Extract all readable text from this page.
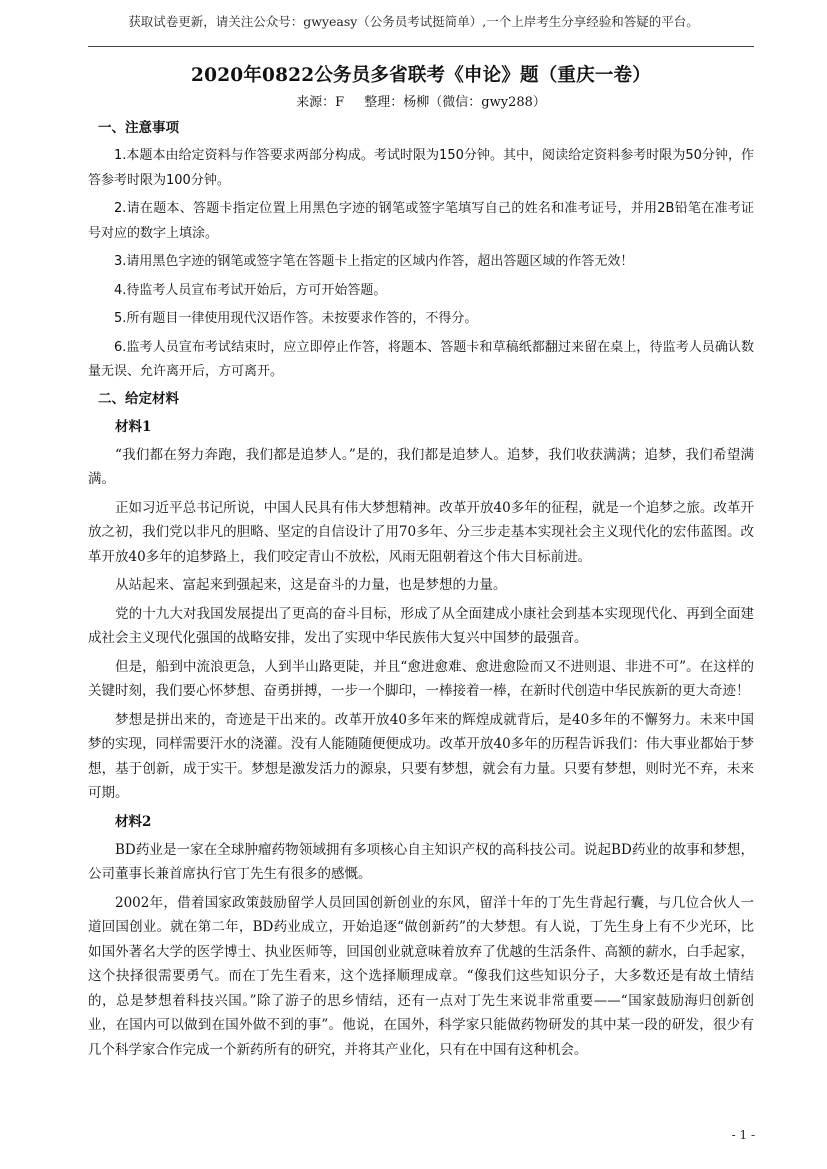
获取试卷更新，请关注公众号：gwyeasy（公务员考试挺简单）,一个上岸考生分享经验和答疑的平台。
2020年0822公务员多省联考《申论》题（重庆一卷）
来源：F 整理：杨柳（微信：gwy288）
一、注意事项

1.本题本由给定资料与作答要求两部分构成。考试时限为150分钟。其中，阅读给定资料参考时限为50分钟，作答参考时限为100分钟。

2.请在题本、答题卡指定位置上用黑色字迹的钢笔或签字笔填写自己的姓名和准考证号，并用2B铅笔在准考证号对应的数字上填涂。

3.请用黑色字迹的钢笔或签字笔在答题卡上指定的区域内作答，超出答题区域的作答无效！

4.待监考人员宣布考试开始后，方可开始答题。

5.所有题目一律使用现代汉语作答。未按要求作答的，不得分。

6.监考人员宣布考试结束时，应立即停止作答，将题本、答题卡和草稿纸都翻过来留在桌上，待监考人员确认数量无误、允许离开后，方可离开。

二、给定材料
材料1

“我们都在努力奔跑，我们都是追梦人。”是的，我们都是追梦人。追梦，我们收获满满；追梦，我们希望满满。

正如习近平总书记所说，中国人民具有伟大梦想精神。改革开放40多年的征程，就是一个追梦之旅。改革开放之初，我们党以非凡的胆略、坚定的自信设计了用70多年、分三步走基本实现社会主义现代化的宏伟蓝图。改革开放40多年的追梦路上，我们咬定青山不放松，风雨无阻朝着这个伟大目标前进。

从站起来、富起来到强起来，这是奋斗的力量，也是梦想的力量。

党的十九大对我国发展提出了更高的奋斗目标，形成了从全面建成小康社会到基本实现现代化、再到全面建成社会主义现代化强国的战略安排，发出了实现中华民族伟大复兴中国梦的最强音。

但是，船到中流浪更急，人到半山路更陡，并且“愈进愈难、愈进愈险而又不进则退、非进不可”。在这样的关键时刻，我们要心怀梦想、奋勇拼搏，一步一个脚印，一棒接着一棒，在新时代创造中华民族新的更大奇迹！

梦想是拼出来的，奇迹是干出来的。改革开放40多年来的辉煌成就背后，是40多年的不懈努力。未来中国梦的实现，同样需要汗水的浇灌。没有人能随随便便成功。改革开放40多年的历程告诉我们：伟大事业都始于梦想，基于创新，成于实干。梦想是激发活力的源泉，只要有梦想，就会有力量。只要有梦想，则时光不弃，未来可期。

材料2

BD药业是一家在全球肿瘤药物领域拥有多项核心自主知识产权的高科技公司。说起BD药业的故事和梦想，公司董事长兼首席执行官丁先生有很多的感慨。

2002年，借着国家政策鼓励留学人员回国创新创业的东风，留洋十年的丁先生背起行囊，与几位合伙人一道回国创业。就在第二年，BD药业成立，开始追逐“做创新药”的大梦想。有人说，丁先生身上有不少光环，比如国外著名大学的医学博士、执业医师等，回国创业就意味着放弃了优越的生活条件、高额的薪水，白手起家，这个抉择很需要勇气。而在丁先生看来，这个选择顺理成章。“像我们这些知识分子，大多数还是有故土情结的，总是梦想着科技兴国。”除了游子的思乡情结，还有一点对丁先生来说非常重要——“国家鼓励海归创新创业，在国内可以做到在国外做不到的事”。他说，在国外，科学家只能做药物研发的其中某一段的研发，很少有几个科学家合作完成一个新药所有的研究，并将其产业化，只有在中国有这种机会。

- 1 -
